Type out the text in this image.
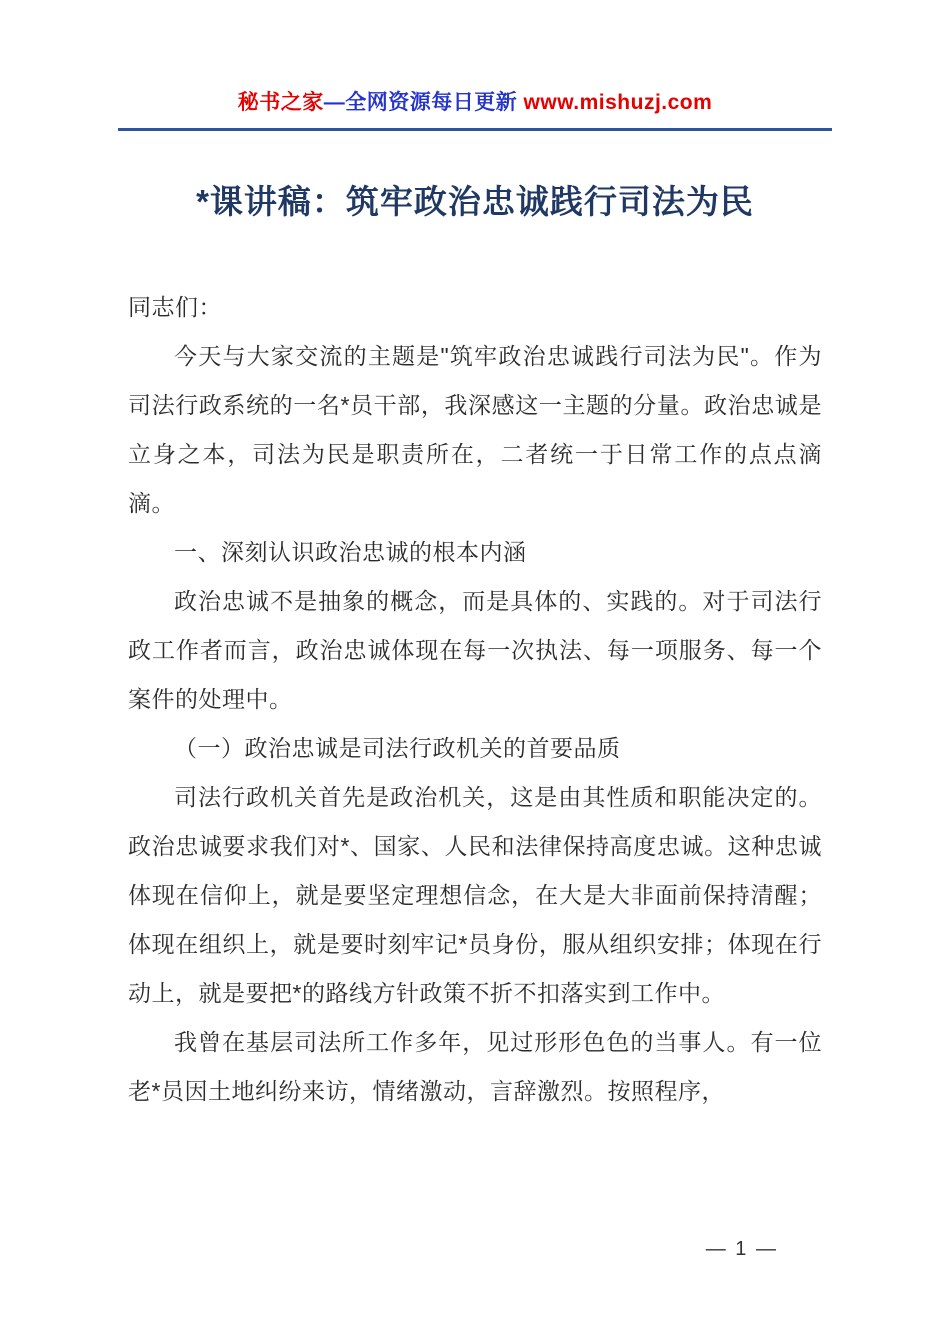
秘书之家—全网资源每日更新 www.mishuzj.com
*课讲稿：筑牢政治忠诚践行司法为民

同志们：

今天与大家交流的主题是"筑牢政治忠诚践行司法为民"。作为司法行政系统的一名*员干部，我深感这一主题的分量。政治忠诚是立身之本，司法为民是职责所在，二者统一于日常工作的点点滴滴。

一、深刻认识政治忠诚的根本内涵

政治忠诚不是抽象的概念，而是具体的、实践的。对于司法行政工作者而言，政治忠诚体现在每一次执法、每一项服务、每一个案件的处理中。

（一）政治忠诚是司法行政机关的首要品质

司法行政机关首先是政治机关，这是由其性质和职能决定的。政治忠诚要求我们对*、国家、人民和法律保持高度忠诚。这种忠诚体现在信仰上，就是要坚定理想信念，在大是大非面前保持清醒；体现在组织上，就是要时刻牢记*员身份，服从组织安排；体现在行动上，就是要把*的路线方针政策不折不扣落实到工作中。

我曾在基层司法所工作多年，见过形形色色的当事人。有一位老*员因土地纠纷来访，情绪激动，言辞激烈。按照程序，

— 1 —
